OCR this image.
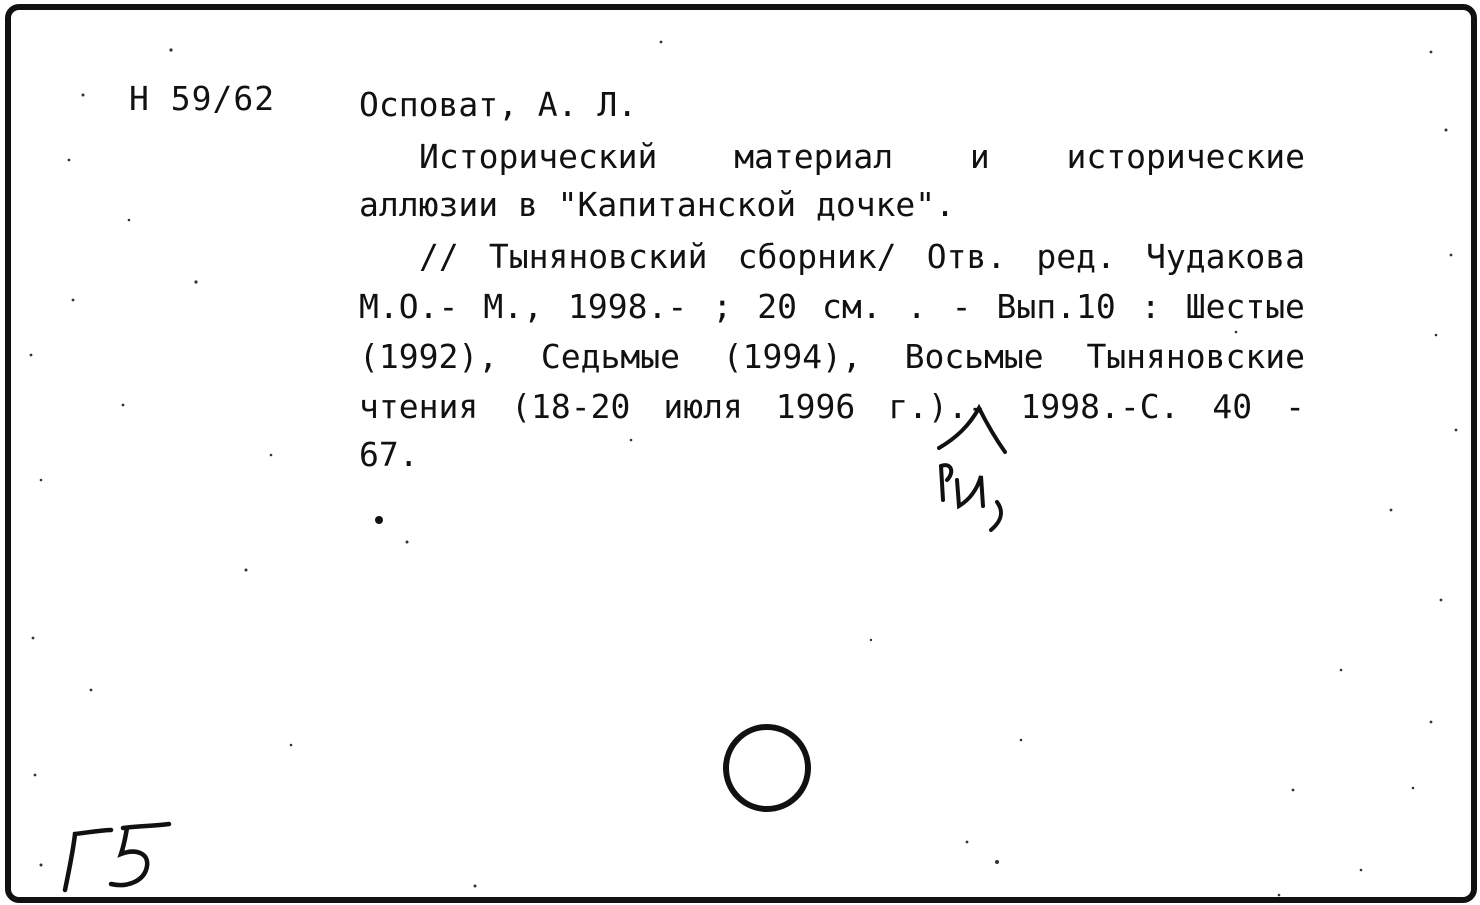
Н 59/62	Осповат, А. Л.
Исторический материал и исторические
аллюзии в "Капитанской дочке".
// Тыняновский сборник/ Отв. ред. Чудакова
М.О.- М., 1998.- ; 20 см. . - Вып.10 : Шестые
(1992), Седьмые (1994), Восьмые Тыняновские
чтения (18-20 июля 1996 г.).- 1998.-С. 40 -
67.
